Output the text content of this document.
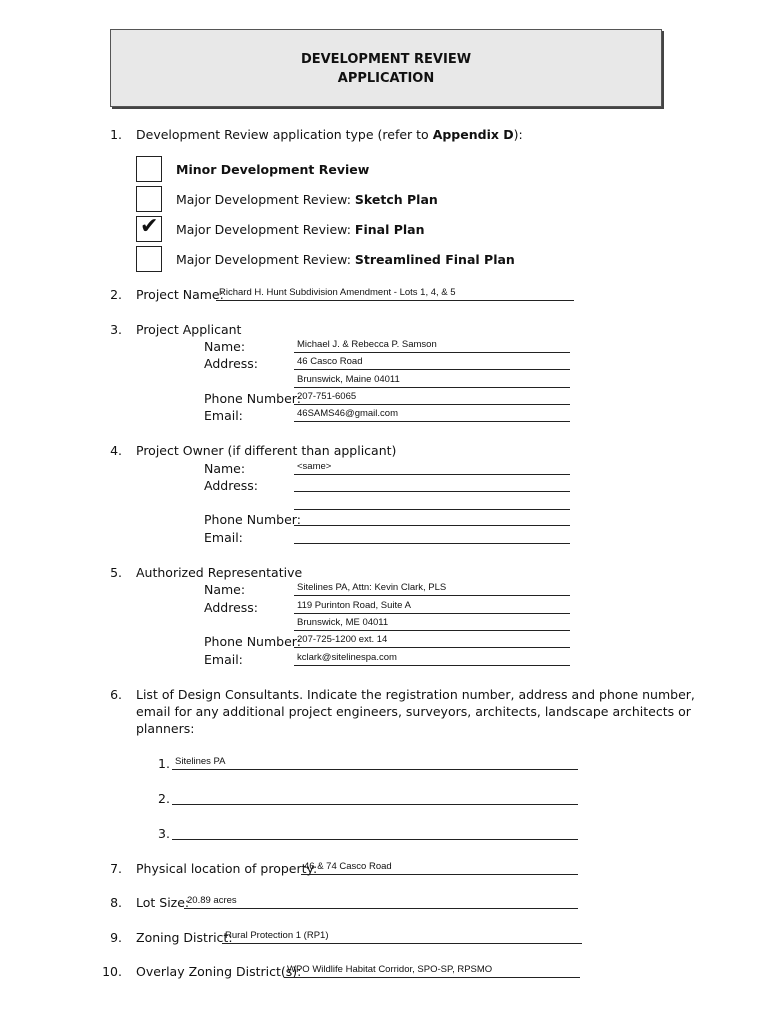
DEVELOPMENT REVIEW
APPLICATION
1. Development Review application type (refer to Appendix D):
Minor Development Review
Major Development Review: Sketch Plan
✔ Major Development Review: Final Plan
Major Development Review: Streamlined Final Plan
2. Project Name:
Richard H. Hunt Subdivision Amendment - Lots 1, 4, & 5
3. Project Applicant
Name:	Michael J. & Rebecca P. Samson
Address:	46 Casco Road
Brunswick, Maine 04011
Phone Number:
207-751-6065
Email:	46SAMS46@gmail.com
4. Project Owner (if different than applicant)
Name:	<same>
Address:
Phone Number:
Email:
5. Authorized Representative
Name:	Sitelines PA, Attn: Kevin Clark, PLS
Address:	119 Purinton Road, Suite A
Brunswick, ME 04011
Phone Number:
207-725-1200 ext. 14
Email:	kclark@sitelinespa.com
6. List of Design Consultants. Indicate the registration number, address and phone number,
email for any additional project engineers, surveyors, architects, landscape architects or
planners:
1. Sitelines PA
2.
3.
7. Physical location of property:
46 & 74 Casco Road
8. Lot Size:
20.89 acres
9. Zoning District:
Rural Protection 1 (RP1)
10. Overlay Zoning District(s):
WPO Wildlife Habitat Corridor, SPO-SP, RPSMO
